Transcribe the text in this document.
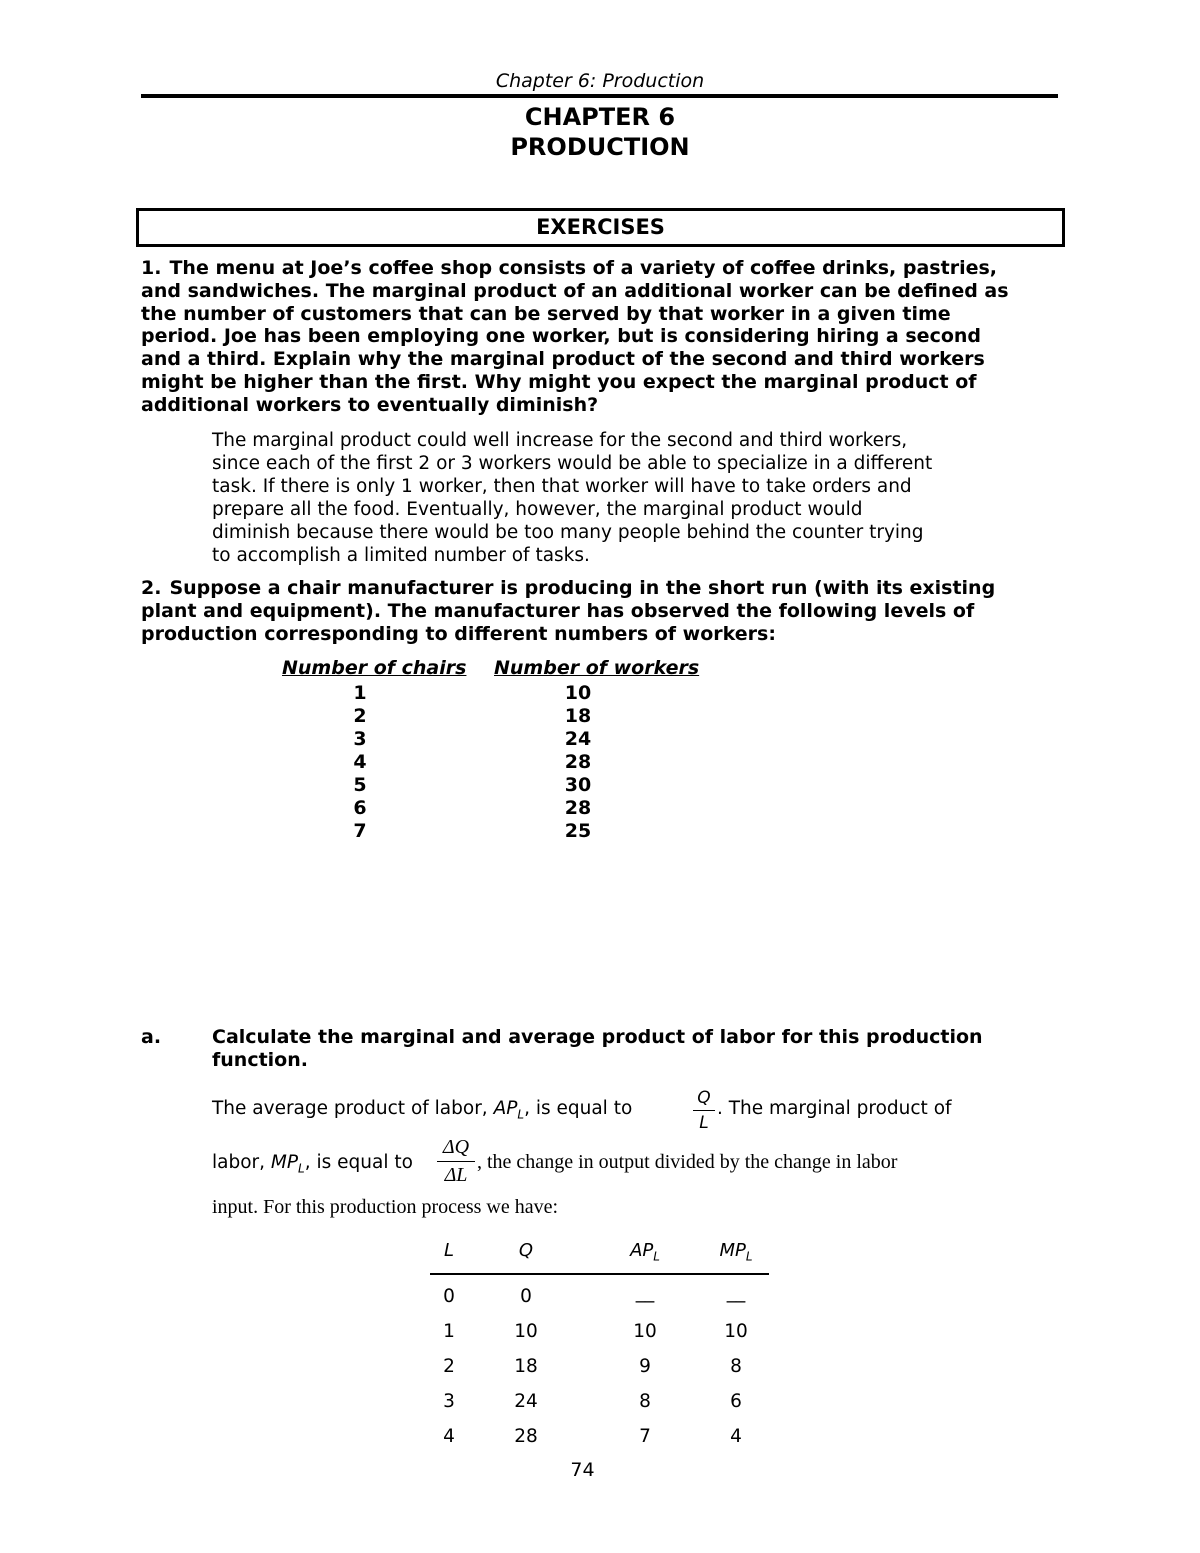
Chapter 6: Production
CHAPTER 6
PRODUCTION
EXERCISES
1. The menu at Joe’s coffee shop consists of a variety of coffee drinks, pastries,
and sandwiches. The marginal product of an additional worker can be defined as
the number of customers that can be served by that worker in a given time
period. Joe has been employing one worker, but is considering hiring a second
and a third. Explain why the marginal product of the second and third workers
might be higher than the first. Why might you expect the marginal product of
additional workers to eventually diminish?
The marginal product could well increase for the second and third workers,
since each of the first 2 or 3 workers would be able to specialize in a different
task. If there is only 1 worker, then that worker will have to take orders and
prepare all the food. Eventually, however, the marginal product would
diminish because there would be too many people behind the counter trying
to accomplish a limited number of tasks.
2. Suppose a chair manufacturer is producing in the short run (with its existing
plant and equipment). The manufacturer has observed the following levels of
production corresponding to different numbers of workers:
Number of chairs Number of workers
1	10
2	18
3	24
4	28
5	30
6	28
7	25
a.	Calculate the marginal and average product of labor for this production
function.
The average product of labor, $AP_L$, is equal to	Q
L
. The marginal product of
labor, $MP_L$, is equal to
ΔQ
ΔL
, the change in output divided by the change in labor
input. For this production process we have:
L	Q	$AP_L$	$MP_L$
0	0	__	__
1	10	10	10
2	18	9	8
3	24	8	6
4	28	7	4
74
